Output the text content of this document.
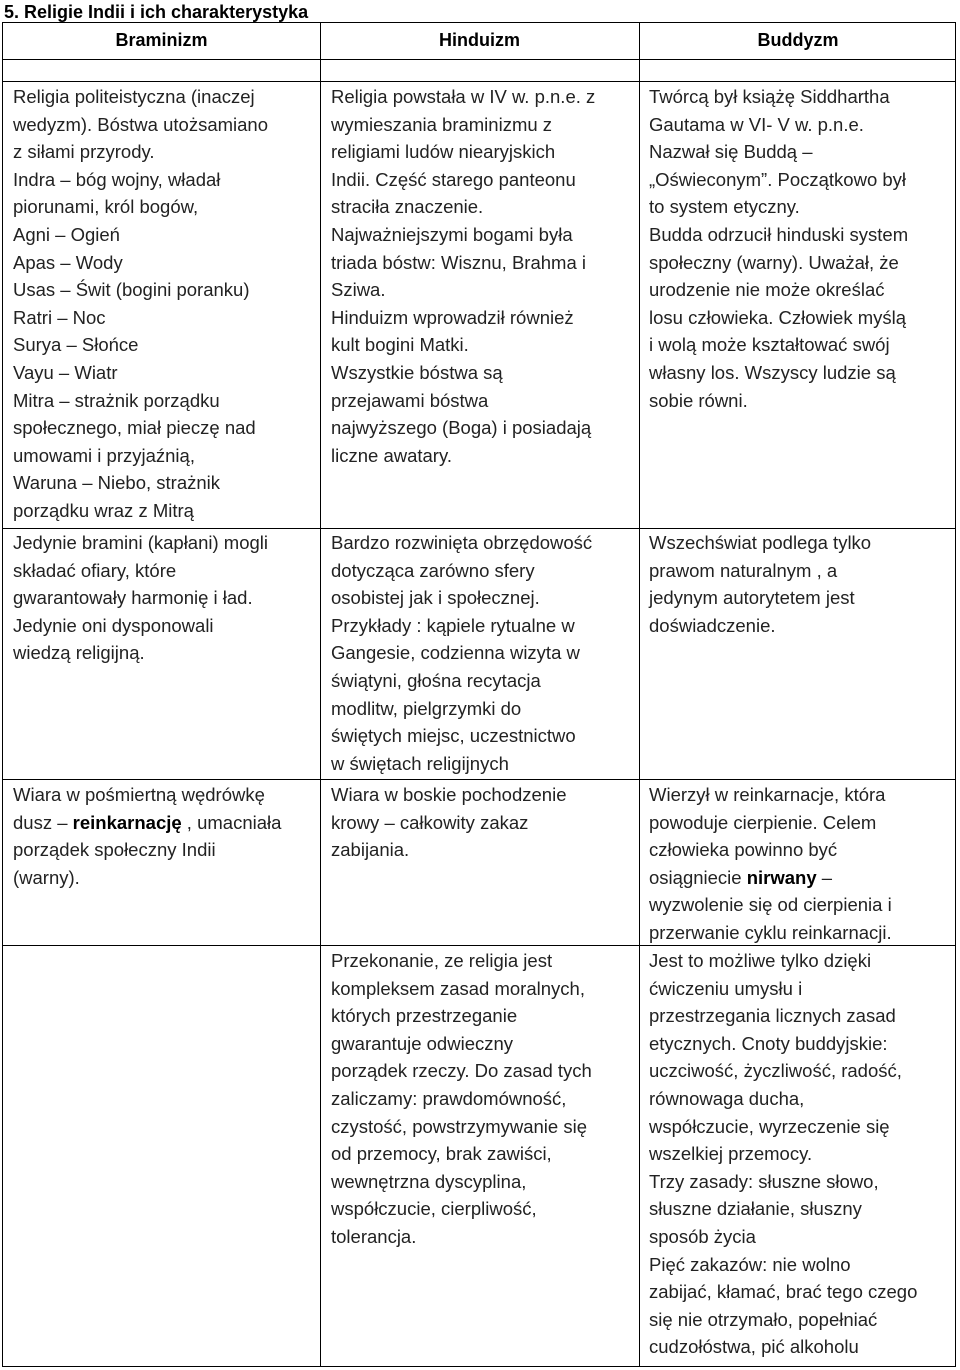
5. Religie Indii i ich charakterystyka
Braminizm	Hinduizm	Buddyzm
Religia politeistyczna (inaczej
wedyzm). Bóstwa utożsamiano
z siłami przyrody.
Indra – bóg wojny, władał
piorunami, król bogów,
Agni – Ogień
Apas – Wody
Usas – Świt (bogini poranku)
Ratri – Noc
Surya – Słońce
Vayu – Wiatr
Mitra – strażnik porządku
społecznego, miał pieczę nad
umowami i przyjaźnią,
Waruna – Niebo, strażnik
porządku wraz z Mitrą
Religia powstała w IV w. p.n.e. z
wymieszania braminizmu z
religiami ludów niearyjskich
Indii. Część starego panteonu
straciła znaczenie.
Najważniejszymi bogami była
triada bóstw: Wisznu, Brahma i
Sziwa.
Hinduizm wprowadził również
kult bogini Matki.
Wszystkie bóstwa są
przejawami bóstwa
najwyższego (Boga) i posiadają
liczne awatary.
Twórcą był książę Siddhartha
Gautama w VI- V w. p.n.e.
Nazwał się Buddą –
„Oświeconym”. Początkowo był
to system etyczny.
Budda odrzucił hinduski system
społeczny (warny). Uważał, że
urodzenie nie może określać
losu człowieka. Człowiek myślą
i wolą może kształtować swój
własny los. Wszyscy ludzie są
sobie równi.
Jedynie bramini (kapłani) mogli
składać ofiary, które
gwarantowały harmonię i ład.
Jedynie oni dysponowali
wiedzą religijną.
Bardzo rozwinięta obrzędowość
dotycząca zarówno sfery
osobistej jak i społecznej.
Przykłady : kąpiele rytualne w
Gangesie, codzienna wizyta w
świątyni, głośna recytacja
modlitw, pielgrzymki do
świętych miejsc, uczestnictwo
w świętach religijnych
Wszechświat podlega tylko
prawom naturalnym , a
jedynym autorytetem jest
doświadczenie.
Wiara w pośmiertną wędrówkę
dusz – reinkarnację , umacniała
porządek społeczny Indii
(warny).
Wiara w boskie pochodzenie
krowy – całkowity zakaz
zabijania.
Wierzył w reinkarnacje, która
powoduje cierpienie. Celem
człowieka powinno być
osiągniecie nirwany –
wyzwolenie się od cierpienia i
przerwanie cyklu reinkarnacji.
Przekonanie, ze religia jest
kompleksem zasad moralnych,
których przestrzeganie
gwarantuje odwieczny
porządek rzeczy. Do zasad tych
zaliczamy: prawdomówność,
czystość, powstrzymywanie się
od przemocy, brak zawiści,
wewnętrzna dyscyplina,
współczucie, cierpliwość,
tolerancja.
Jest to możliwe tylko dzięki
ćwiczeniu umysłu i
przestrzegania licznych zasad
etycznych. Cnoty buddyjskie:
uczciwość, życzliwość, radość,
równowaga ducha,
współczucie, wyrzeczenie się
wszelkiej przemocy.
Trzy zasady: słuszne słowo,
słuszne działanie, słuszny
sposób życia
Pięć zakazów: nie wolno
zabijać, kłamać, brać tego czego
się nie otrzymało, popełniać
cudzołóstwa, pić alkoholu
